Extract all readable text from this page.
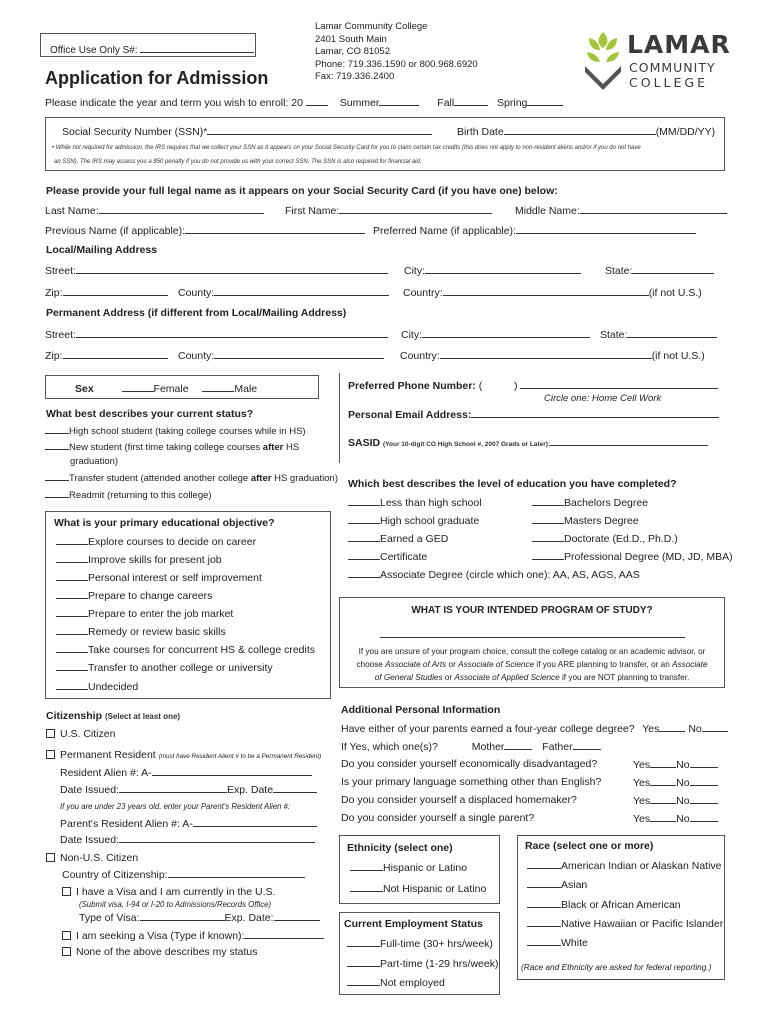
Office Use Only S#:
Application for Admission
Lamar Community College
2401 South Main
Lamar, CO 81052
Phone: 719.336.1590 or 800.968.6920
Fax: 719.336.2400
LAMAR
COMMUNITY
COLLEGE
Please indicate the year and term you wish to enroll: 20	Summer	Fall	Spring
Social Security Number (SSN)*	Birth Date	(MM/DD/YY)
• While not required for admission, the IRS requires that we collect your SSN as it appears on your Social Security Card for you to claim certain tax credits (this does not apply to non-resident aliens and/or if you do not have
an SSN). The IRS may assess you a $50 penalty if you do not provide us with your correct SSN. The SSN is also required for financial aid.
Please provide your full legal name as it appears on your Social Security Card (if you have one) below:
Last Name:	First Name:	Middle Name:
Previous Name (if applicable):	Preferred Name (if applicable):
Local/Mailing Address
Street:	City:	State:
Zip:	County:	Country:	(if not U.S.)
Permanent Address (if different from Local/Mailing Address)
Street:	City:	State:
Zip:	County:	Country:	(if not U.S.)
Sex	Female	Male
What best describes your current status?
High school student (taking college courses while in HS)
New student (first time taking college courses after HS
graduation)
Transfer student (attended another college after HS graduation)
Readmit (returning to this college)
Preferred Phone Number: (	)
Circle one: Home Cell Work
Personal Email Address:
SASID (Your 10-digit CO High School #, 2007 Grads or Later):
What is your primary educational objective?
Explore courses to decide on career
Improve skills for present job
Personal interest or self improvement
Prepare to change careers
Prepare to enter the job market
Remedy or review basic skills
Take courses for concurrent HS & college credits
Transfer to another college or university
Undecided
Which best describes the level of education you have completed?
Less than high school
High school graduate
Earned a GED
Certificate
Associate Degree (circle which one): AA, AS, AGS, AAS
Bachelors Degree
Masters Degree
Doctorate (Ed.D., Ph.D.)
Professional Degree (MD, JD, MBA)
WHAT IS YOUR INTENDED PROGRAM OF STUDY?
If you are unsure of your program choice, consult the college catalog or an academic advisor, or
choose Associate of Arts or Associate of Science if you ARE planning to transfer, or an Associate
of General Studies or Associate of Applied Science if you are NOT planning to transfer.
Citizenship (Select at least one)
U.S. Citizen
Permanent Resident (must have Resident Alient # to be a Permanent Resident)
Resident Alien #: A-
Date Issued:	Exp. Date
If you are under 23 years old, enter your Parent's Resident Alien #:
Parent's Resident Alien #: A-
Date Issued:
Non-U.S. Citizen
Country of Citizenship:
I have a Visa and I am currently in the U.S.
(Submit visa, I-94 or I-20 to Admissions/Records Office)
Type of Visa:	Exp. Date:
I am seeking a Visa (Type if known):
None of the above describes my status
Additional Personal Information
Have either of your parents earned a four-year college degree? Yes	No
If Yes, which one(s)?	Mother	Father
Do you consider yourself economically disadvantaged?	Yes No
Is your primary language something other than English?	Yes No
Do you consider yourself a displaced homemaker?	Yes No
Do you consider yourself a single parent?	Yes No
Ethnicity (select one)
Hispanic or Latino
Not Hispanic or Latino
Current Employment Status
Full-time (30+ hrs/week)
Part-time (1-29 hrs/week)
Not employed
Race (select one or more)
American Indian or Alaskan Native
Asian
Black or African American
Native Hawaiian or Pacific Islander
White
(Race and Ethnicity are asked for federal reporting.)
